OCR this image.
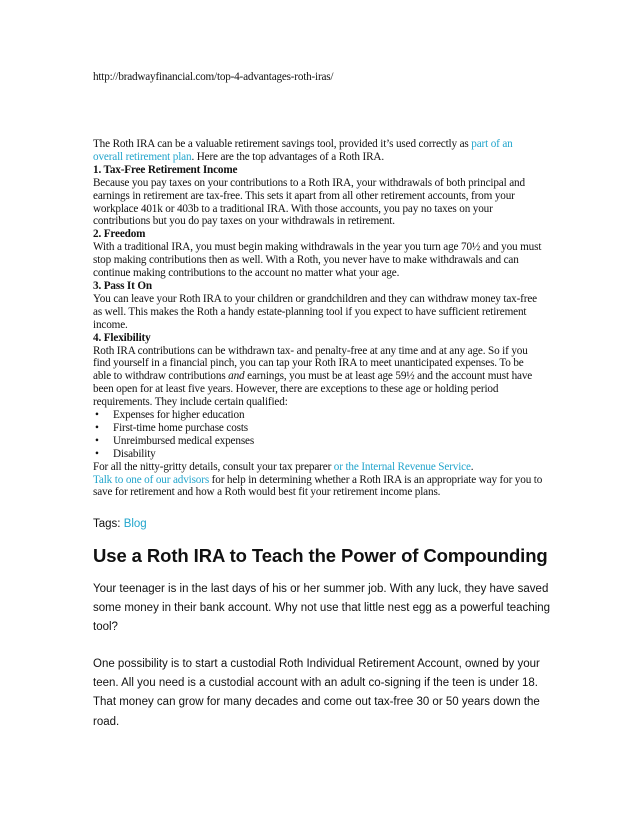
http://bradwayfinancial.com/top-4-advantages-roth-iras/

The Roth IRA can be a valuable retirement savings tool, provided it’s used correctly as part of an overall retirement plan. Here are the top advantages of a Roth IRA.

1. Tax-Free Retirement Income

Because you pay taxes on your contributions to a Roth IRA, your withdrawals of both principal and earnings in retirement are tax-free. This sets it apart from all other retirement accounts, from your workplace 401k or 403b to a traditional IRA. With those accounts, you pay no taxes on your contributions but you do pay taxes on your withdrawals in retirement.

2. Freedom

With a traditional IRA, you must begin making withdrawals in the year you turn age 70½ and you must stop making contributions then as well. With a Roth, you never have to make withdrawals and can continue making contributions to the account no matter what your age.

3. Pass It On

You can leave your Roth IRA to your children or grandchildren and they can withdraw money tax-free as well. This makes the Roth a handy estate-planning tool if you expect to have sufficient retirement income.

4. Flexibility

Roth IRA contributions can be withdrawn tax- and penalty-free at any time and at any age. So if you find yourself in a financial pinch, you can tap your Roth IRA to meet unanticipated expenses. To be able to withdraw contributions and earnings, you must be at least age 59½ and the account must have been open for at least five years. However, there are exceptions to these age or holding period requirements. They include certain qualified:

• Expenses for higher education
• First-time home purchase costs
• Unreimbursed medical expenses
• Disability

For all the nitty-gritty details, consult your tax preparer or the Internal Revenue Service.

Talk to one of our advisors for help in determining whether a Roth IRA is an appropriate way for you to save for retirement and how a Roth would best fit your retirement income plans.

Tags: Blog
Use a Roth IRA to Teach the Power of Compounding
Your teenager is in the last days of his or her summer job. With any luck, they have saved some money in their bank account. Why not use that little nest egg as a powerful teaching tool?
One possibility is to start a custodial Roth Individual Retirement Account, owned by your teen. All you need is a custodial account with an adult co-signing if the teen is under 18. That money can grow for many decades and come out tax-free 30 or 50 years down the road.
